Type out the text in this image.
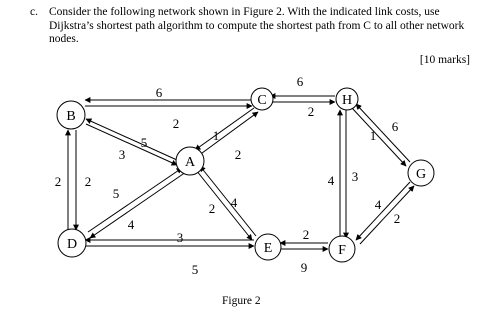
c. Consider the following network shown in Figure 2. With the indicated link costs, use Dijkstra’s shortest path algorithm to compute the shortest path from C to all other network nodes.
[10 marks]
B
A
C
D	E
H
F
G
6
3
5
2 2
1
2
5
4
2 4
3
5
6
2
4 3
1
6
2
9
4
2
2
Figure 2
